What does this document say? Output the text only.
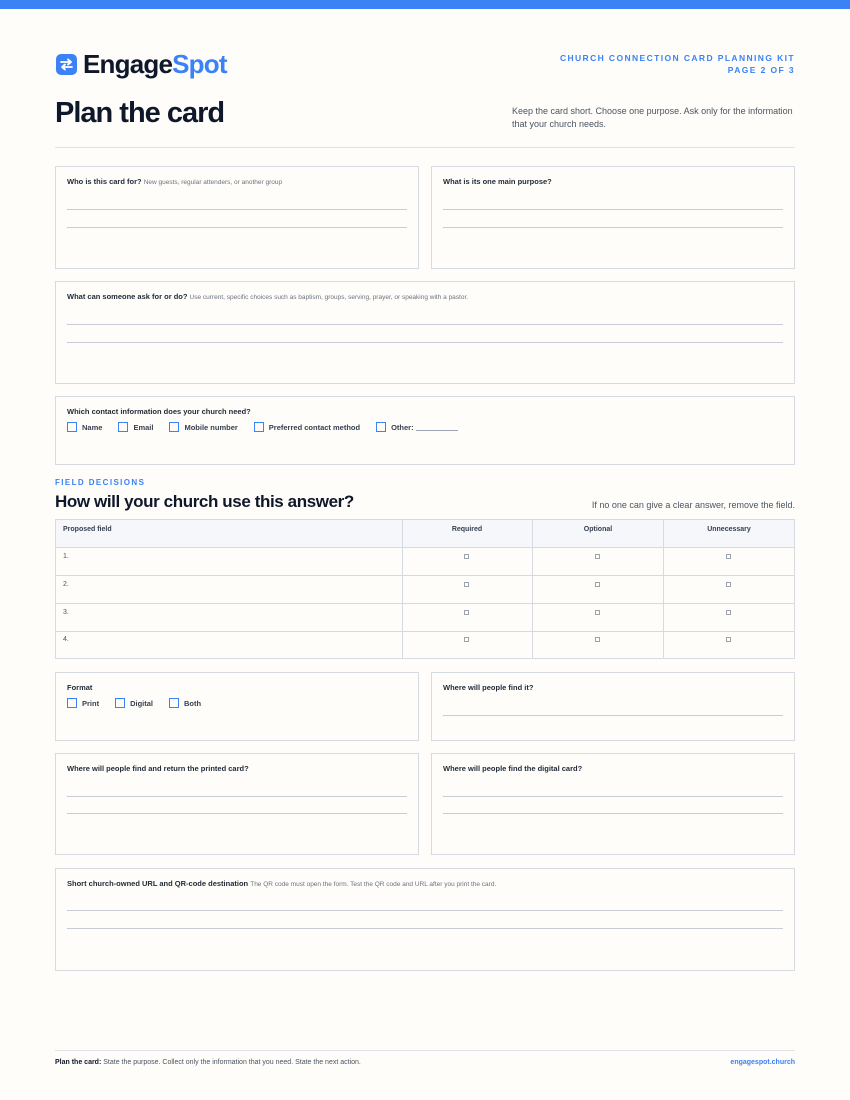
EngageSpot	CHURCH CONNECTION CARD PLANNING KIT
PAGE 2 OF 3
Plan the card	Keep the card short. Choose one purpose. Ask only for the information that your church needs.
Who is this card for? New guests, regular attenders, or another group	What is its one main purpose?
What can someone ask for or do? Use current, specific choices such as baptism, groups, serving, prayer, or speaking with a pastor.
Which contact information does your church need?
Name	Email	Mobile number	Preferred contact method	Other:
FIELD DECISIONS
How will your church use this answer?	If no one can give a clear answer, remove the field.
Proposed field	Required	Optional	Unnecessary
1.
2.
3.
4.
Format
Print	Digital	Both
Where will people find it?
Where will people find and return the printed card?	Where will people find the digital card?
Short church-owned URL and QR-code destination The QR code must open the form. Test the QR code and URL after you print the card.
Plan the card: State the purpose. Collect only the information that you need. State the next action.	engagespot.church
